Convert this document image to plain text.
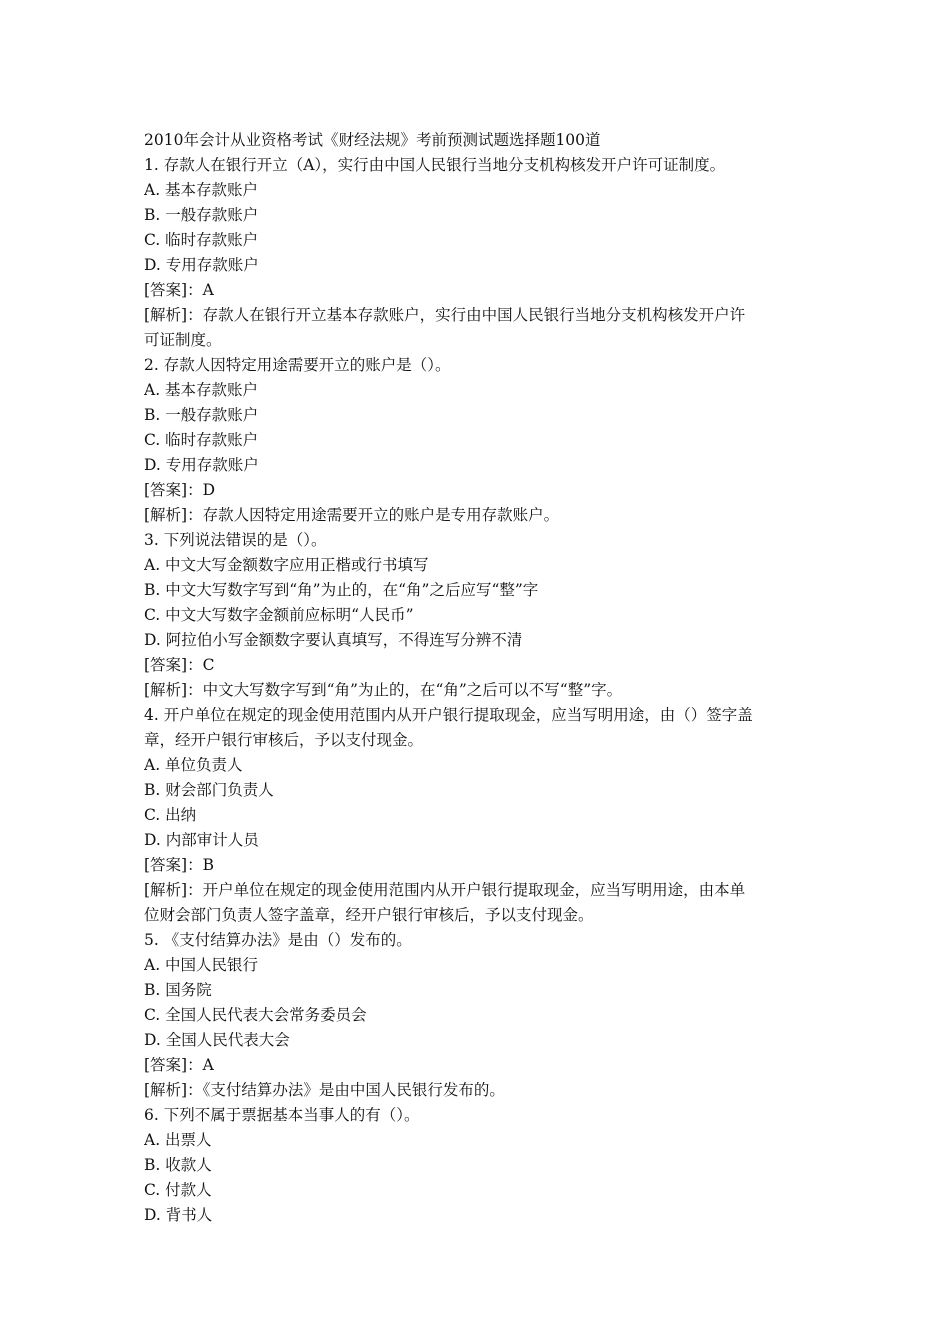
2010年会计从业资格考试《财经法规》考前预测试题选择题100道
1. 存款人在银行开立（A），实行由中国人民银行当地分支机构核发开户许可证制度。
A. 基本存款账户
B. 一般存款账户
C. 临时存款账户
D. 专用存款账户
[答案]：A
[解析]：存款人在银行开立基本存款账户，实行由中国人民银行当地分支机构核发开户许
可证制度。
2. 存款人因特定用途需要开立的账户是（）。
A. 基本存款账户
B. 一般存款账户
C. 临时存款账户
D. 专用存款账户
[答案]：D
[解析]：存款人因特定用途需要开立的账户是专用存款账户。
3. 下列说法错误的是（）。
A. 中文大写金额数字应用正楷或行书填写
B. 中文大写数字写到“角”为止的，在“角”之后应写“整”字
C. 中文大写数字金额前应标明“人民币”
D. 阿拉伯小写金额数字要认真填写，不得连写分辨不清
[答案]：C
[解析]：中文大写数字写到“角”为止的，在“角”之后可以不写“整”字。
4. 开户单位在规定的现金使用范围内从开户银行提取现金，应当写明用途，由（）签字盖
章，经开户银行审核后，予以支付现金。
A. 单位负责人
B. 财会部门负责人
C. 出纳
D. 内部审计人员
[答案]：B
[解析]：开户单位在规定的现金使用范围内从开户银行提取现金，应当写明用途，由本单
位财会部门负责人签字盖章，经开户银行审核后，予以支付现金。
5. 《支付结算办法》是由（）发布的。
A. 中国人民银行
B. 国务院
C. 全国人民代表大会常务委员会
D. 全国人民代表大会
[答案]：A
[解析]：《支付结算办法》是由中国人民银行发布的。
6. 下列不属于票据基本当事人的有（）。
A. 出票人
B. 收款人
C. 付款人
D. 背书人
